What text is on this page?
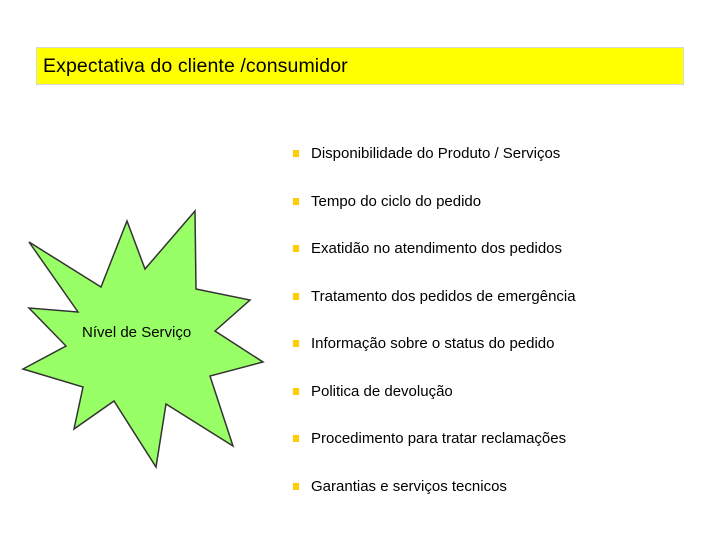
Expectativa do cliente /consumidor
Nível de Serviço
Disponibilidade do Produto / Serviços
Tempo do ciclo do pedido
Exatidão no atendimento dos pedidos
Tratamento dos pedidos de emergência
Informação sobre o status do pedido
Politica de devolução
Procedimento para tratar reclamações
Garantias e serviços tecnicos
